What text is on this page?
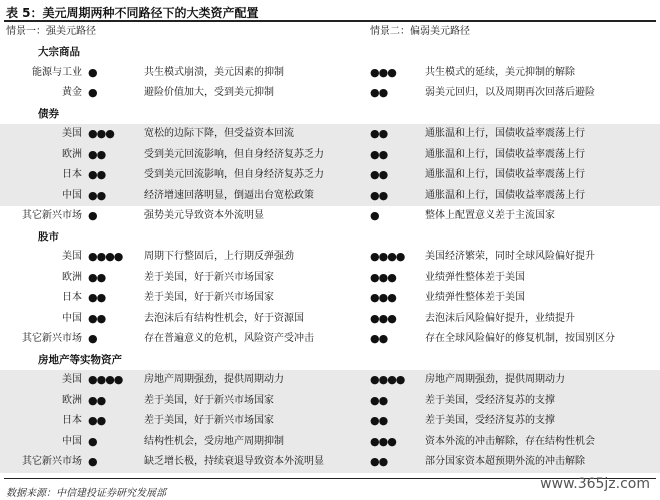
表 5：美元周期两种不同路径下的大类资产配置
情景一：强美元路径	情景二：偏弱美元路径
大宗商品
能源与工业 ●	共生模式崩溃，美元因素的抑制	●●●	共生模式的延续，美元抑制的解除
黄金 ●	避险价值加大，受到美元抑制	●●	弱美元回归，以及周期再次回落后避险
债券
美国 ●●●	宽松的边际下降，但受益资本回流	●●	通胀温和上行，国债收益率震荡上行
欧洲 ●●	受到美元回流影响，但自身经济复苏乏力	●●	通胀温和上行，国债收益率震荡上行
日本 ●●	受到美元回流影响，但自身经济复苏乏力	●●	通胀温和上行，国债收益率震荡上行
中国 ●●	经济增速回落明显，倒逼出台宽松政策	●●	通胀温和上行，国债收益率震荡上行
其它新兴市场 ●	强势美元导致资本外流明显	●	整体上配置意义差于主流国家
股市
美国 ●●●●	周期下行整固后，上行期反弹强劲	●●●●	美国经济繁荣，同时全球风险偏好提升
欧洲 ●●	差于美国，好于新兴市场国家	●●●	业绩弹性整体差于美国
日本 ●●	差于美国，好于新兴市场国家	●●●	业绩弹性整体差于美国
中国 ●●	去泡沫后有结构性机会，好于资源国	●●●	去泡沫后风险偏好提升，业绩提升
其它新兴市场 ●	存在普遍意义的危机，风险资产受冲击	●●	存在全球风险偏好的修复机制，按国别区分
房地产等实物资产
美国 ●●●●	房地产周期强劲，提供周期动力	●●●●	房地产周期强劲，提供周期动力
欧洲 ●●	差于美国，好于新兴市场国家	●●	差于美国，受经济复苏的支撑
日本 ●●	差于美国，好于新兴市场国家	●●	差于美国，受经济复苏的支撑
中国 ●	结构性机会，受房地产周期抑制	●●●	资本外流的冲击解除，存在结构性机会
其它新兴市场 ●	缺乏增长极，持续衰退导致资本外流明显	●●	部分国家资本超预期外流的冲击解除
数据来源：中信建投证券研究发展部
www.365jz.com
